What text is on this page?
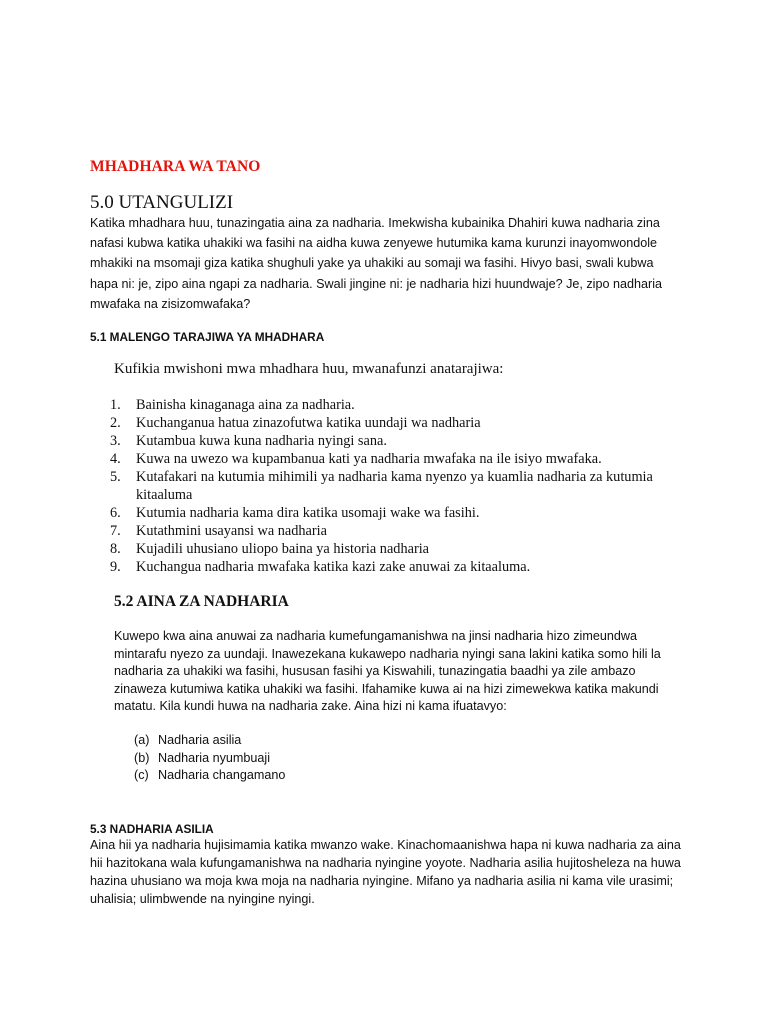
MHADHARA WA TANO
5.0 UTANGULIZI
Katika mhadhara huu, tunazingatia aina za nadharia. Imekwisha kubainika Dhahiri kuwa nadharia zina nafasi kubwa katika uhakiki wa fasihi na aidha kuwa zenyewe hutumika kama kurunzi inayomwondole mhakiki na msomaji giza katika shughuli yake ya uhakiki au somaji wa fasihi. Hivyo basi, swali kubwa hapa ni: je, zipo aina ngapi za nadharia. Swali jingine ni: je nadharia hizi huundwaje? Je, zipo nadharia mwafaka na zisizomwafaka?
5.1 MALENGO TARAJIWA YA MHADHARA
Kufikia mwishoni mwa mhadhara huu, mwanafunzi anatarajiwa:
1. Bainisha kinaganaga aina za nadharia.
2. Kuchanganua hatua zinazofutwa katika uundaji wa nadharia
3. Kutambua kuwa kuna nadharia nyingi sana.
4. Kuwa na uwezo wa kupambanua kati ya nadharia mwafaka na ile isiyo mwafaka.
5. Kutafakari na kutumia mihimili ya nadharia kama nyenzo ya kuamlia nadharia za kutumia kitaaluma
6. Kutumia nadharia kama dira katika usomaji wake wa fasihi.
7. Kutathmini usayansi wa nadharia
8. Kujadili uhusiano uliopo baina ya historia nadharia
9. Kuchangua nadharia mwafaka katika kazi zake anuwai za kitaaluma.
5.2 AINA ZA NADHARIA
Kuwepo kwa aina anuwai za nadharia kumefungamanishwa na jinsi nadharia hizo zimeundwa mintarafu nyezo za uundaji. Inawezekana kukawepo nadharia nyingi sana lakini katika somo hili la nadharia za uhakiki wa fasihi, hususan fasihi ya Kiswahili, tunazingatia baadhi ya zile ambazo zinaweza kutumiwa katika uhakiki wa fasihi. Ifahamike kuwa ai na hizi zimewekwa katika makundi matatu. Kila kundi huwa na nadharia zake. Aina hizi ni kama ifuatavyo:
(a) Nadharia asilia
(b) Nadharia nyumbuaji
(c) Nadharia changamano
5.3 NADHARIA ASILIA
Aina hii ya nadharia hujisimamia katika mwanzo wake. Kinachomaanishwa hapa ni kuwa nadharia za aina hii hazitokana wala kufungamanishwa na nadharia nyingine yoyote. Nadharia asilia hujitosheleza na huwa hazina uhusiano wa moja kwa moja na nadharia nyingine. Mifano ya nadharia asilia ni kama vile urasimi; uhalisia; ulimbwende na nyingine nyingi.
